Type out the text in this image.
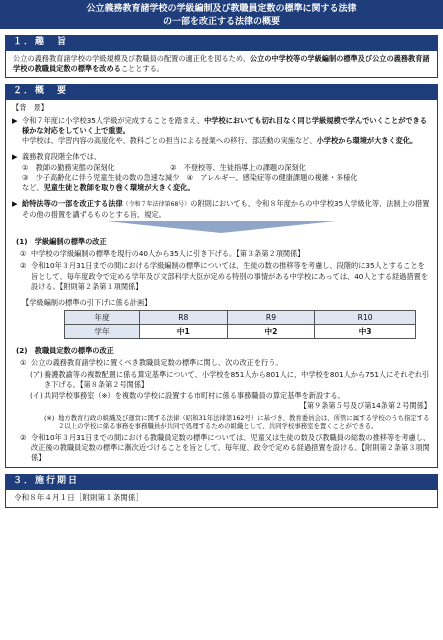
公立義務教育諸学校の学級編制及び教職員定数の標準に関する法律
の一部を改正する法律の概要
１．趣　旨
公立の義務教育諸学校の学級規模及び教職員の配置の適正化を図るため、公立の中学校等の学級編制の標準及び公立の義務教育諸学校の教職員定数の標準を改めることとする。
２．概　要
【背　景】
▶ 令和７年度に小学校35人学級が完成することを踏まえ、中学校においても切れ目なく同じ学級規模で学んでいくことができる様かな対応をしていく上で重要。
中学校は、学習内容の高度化や、教科ごとの担当による授業への移行、部活動の実施など、小学校から環境が大きく変化。
▶ 義務教育段階全体では、
①　教師の勤務実態の深刻化	②　不登校等、生徒指導上の課題の深刻化
③　少子高齢化に伴う児童生徒の数の急速な減少　④　アレルギー、感染症等の健康課題の複雑・多様化
など、児童生徒と教師を取り巻く環境が大きく変化。
▶ 給特法等の一部を改正する法律（令和７年法律第68号）の附則においても、令和８年度からの中学校35人学級化等、法制上の措置その他の措置を講ずるものとする旨、規定。
(1)　学級編制の標準の改正
① 中学校の学級編制の標準を現行の40人から35人に引き下げる。【第３条第２項関係】
② 令和10年３月31日までの間における学級編制の標準については、生徒の数の推移等を考慮し、段階的に35人とすることを旨として、毎年度政令で定める学年及び文部科学大臣が定める特別の事情がある中学校にあっては、40人とする経過措置を設ける。【附則第２条第１項関係】
【学級編制の標準の引下げに係る計画】
年度	R8	R9	R10
学年	中1	中2	中3
(2)　教職員定数の標準の改正
① 公立の義務教育諸学校に置くべき教職員定数の標準に関し、次の改正を行う。
(ア) 養護教諭等の複数配置に係る算定基準について、小学校を851人から801人に、中学校を801人から751人にそれぞれ引き下げる。【第８条第２号関係】
(イ) 共同学校事務室（※）を複数の学校に設置する市町村に係る事務職員の算定基準を新設する。
【第９条第５号及び第14条第２号関係】
(※) 地方教育行政の組織及び運営に関する法律（昭和31年法律第162号）に基づき、教育委員会は、所管に属する学校のうち指定する２以上の学校に係る事務を事務職員が共同で処理するための組織として、共同学校事務室を置くことができる。
② 令和10年３月31日までの間における教職員定数の標準については、児童又は生徒の数及び教職員の総数の推移等を考慮し、改正後の教職員定数の標準に漸次近づけることを旨として、毎年度、政令で定める経過措置を設ける。【附則第２条第３項関係】
３．施行期日
令和８年４月１日［附則第１条関係］
